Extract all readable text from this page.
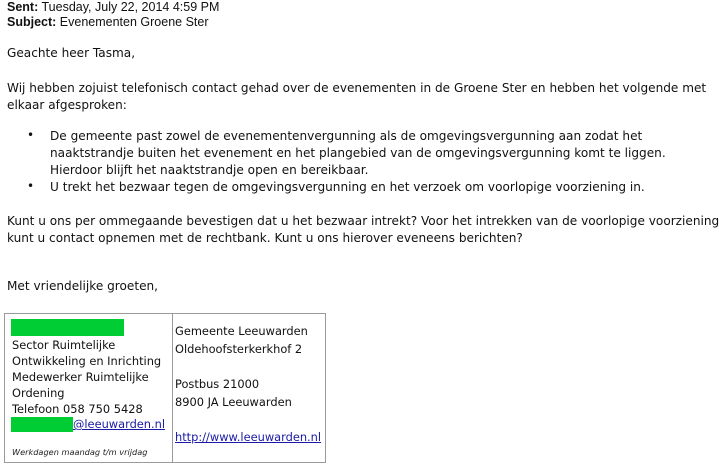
Sent: Tuesday, July 22, 2014 4:59 PM
Subject: Evenementen Groene Ster
Geachte heer Tasma,
Wij hebben zojuist telefonisch contact gehad over de evenementen in de Groene Ster en hebben het volgende met
elkaar afgesproken:
• De gemeente past zowel de evenementenvergunning als de omgevingsvergunning aan zodat het
naaktstrandje buiten het evenement en het plangebied van de omgevingsvergunning komt te liggen.
Hierdoor blijft het naaktstrandje open en bereikbaar.
• U trekt het bezwaar tegen de omgevingsvergunning en het verzoek om voorlopige voorziening in.
Kunt u ons per ommegaande bevestigen dat u het bezwaar intrekt? Voor het intrekken van de voorlopige voorziening
kunt u contact opnemen met de rechtbank. Kunt u ons hierover eveneens berichten?
Met vriendelijke groeten,
Sector Ruimtelijke
Ontwikkeling en Inrichting
Medewerker Ruimtelijke
Ordening
Telefoon 058 750 5428
@leeuwarden.nl
Werkdagen maandag t/m vrijdag
Gemeente Leeuwarden
Oldehoofsterkerkhof 2
Postbus 21000
8900 JA Leeuwarden
http://www.leeuwarden.nl
